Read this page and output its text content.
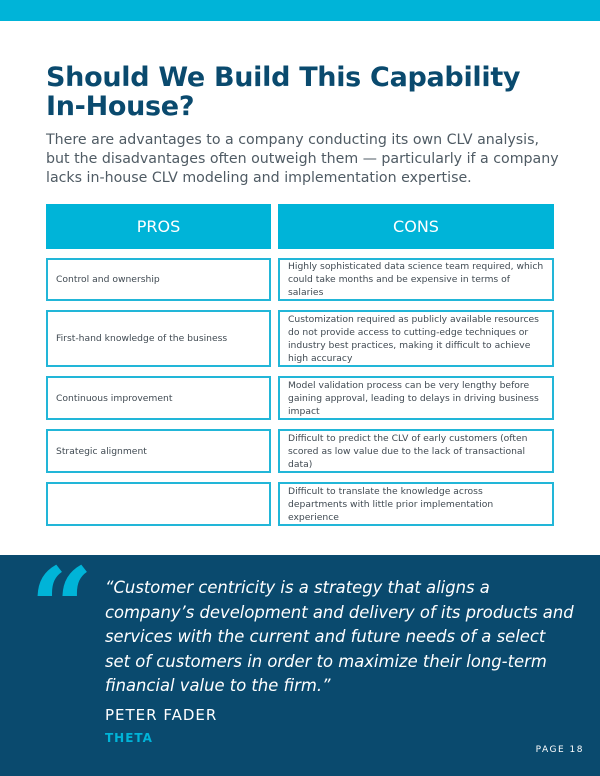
Should We Build This Capability In-House?

There are advantages to a company conducting its own CLV analysis, but the disadvantages often outweigh them — particularly if a company lacks in-house CLV modeling and implementation expertise.

PROS	CONS
Control and ownership
Highly sophisticated data science team required, which could take months and be expensive in terms of salaries
First-hand knowledge of the business
Customization required as publicly available resources do not provide access to cutting-edge techniques or industry best practices, making it difficult to achieve high accuracy
Continuous improvement
Model validation process can be very lengthy before gaining approval, leading to delays in driving business impact
Strategic alignment
Difficult to predict the CLV of early customers (often scored as low value due to the lack of transactional data)
Difficult to translate the knowledge across departments with little prior implementation experience
“ “Customer centricity is a strategy that aligns a company’s development and delivery of its products and services with the current and future needs of a select set of customers in order to maximize their long-term financial value to the firm.”

PETER FADER
THETA
PAGE 18
